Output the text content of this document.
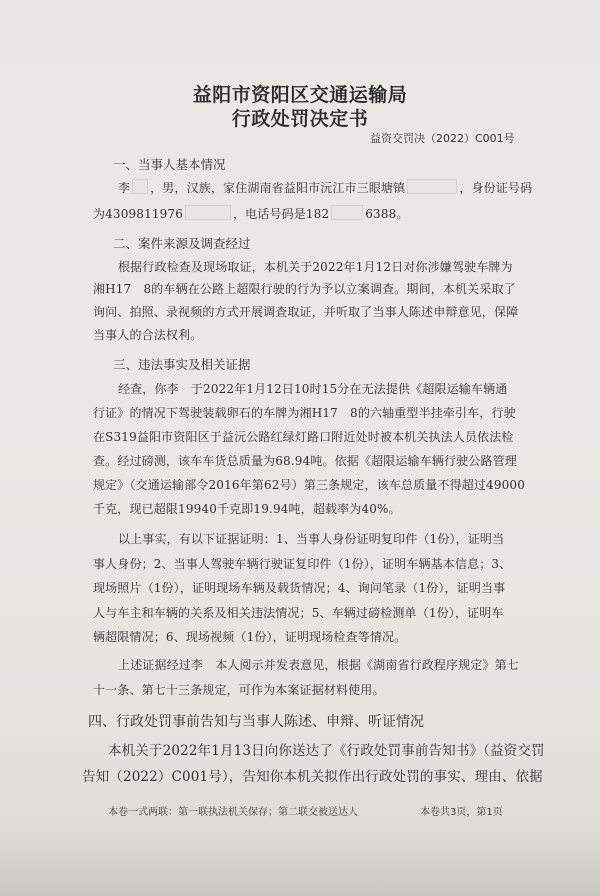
益阳市资阳区交通运输局
行政处罚决定书
益资交罚决（2022）C001号
一、当事人基本情况
李 ，男，汉族，家住湖南省益阳市沅江市三眼塘镇	，身份证号码
为4309811976	，电话号码是182	6388。
二、案件来源及调查经过
根据行政检查及现场取证，本机关于2022年1月12日对你涉嫌驾驶车牌为
湘H17　8的车辆在公路上超限行驶的行为予以立案调查。期间，本机关采取了
询问、拍照、录视频的方式开展调查取证，并听取了当事人陈述申辩意见，保障
当事人的合法权利。
三、违法事实及相关证据
经查，你李　于2022年1月12日10时15分在无法提供《超限运输车辆通
行证》的情况下驾驶装载卵石的车牌为湘H17　8的六轴重型半挂牵引车，行驶
在S319益阳市资阳区于益沅公路红绿灯路口附近处时被本机关执法人员依法检
查。经过磅测，该车车货总质量为68.94吨。依据《超限运输车辆行驶公路管理
规定》（交通运输部令2016年第62号）第三条规定，该车总质量不得超过49000
千克，现已超限19940千克即19.94吨，超载率为40%。
以上事实，有以下证据证明：1、当事人身份证明复印件（1份），证明当
事人身份；2、当事人驾驶车辆行驶证复印件（1份），证明车辆基本信息；3、
现场照片（1份），证明现场车辆及载货情况；4、询问笔录（1份），证明当事
人与车主和车辆的关系及相关违法情况；5、车辆过磅检测单（1份），证明车
辆超限情况；6、现场视频（1份），证明现场检查等情况。
上述证据经过李　本人阅示并发表意见，根据《湖南省行政程序规定》第七
十一条、第七十三条规定，可作为本案证据材料使用。
四、行政处罚事前告知与当事人陈述、申辩、听证情况
本机关于2022年1月13日向你送达了《行政处罚事前告知书》（益资交罚
告知（2022）C001号），告知你本机关拟作出行政处罚的事实、理由、依据
本卷一式两联：第一联执法机关保存；第二联交被送达人	本卷共3页，第1页
